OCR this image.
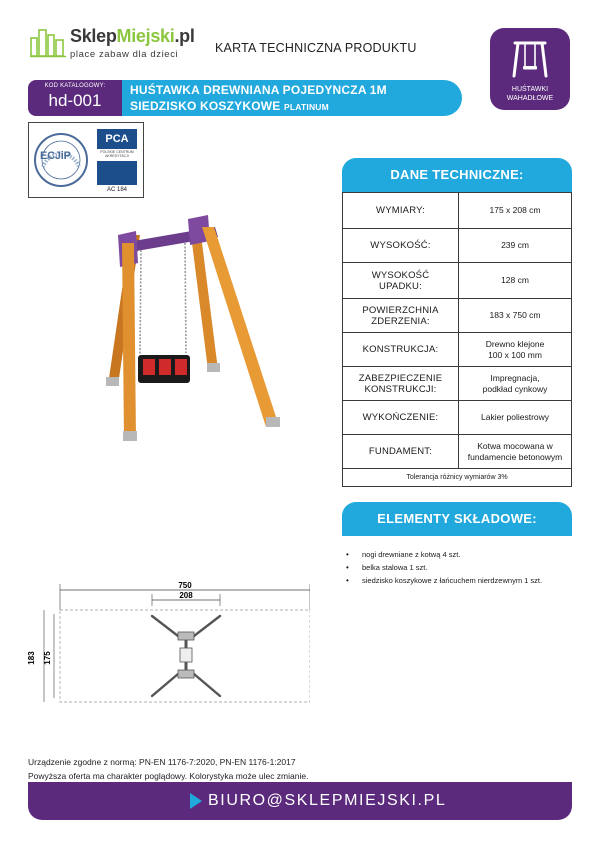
SklepMiejski.pl
place zabaw dla dzieci	KARTA TECHNICZNA PRODUKTU
HUŚTAWKI
WAHADŁOWE
KOD KATALOGOWY:
hd-001
HUŚTAWKA DREWNIANA POJEDYNCZA 1M
SIEDZISKO KOSZYKOWE PLATINUM
ECJiP
PCA
POLSKIE CENTRUM AKREDYTACJI
AC 184
DANE TECHNICZNE:
WYMIARY:	175 x 208 cm
WYSOKOŚĆ:	239 cm
WYSOKOŚĆ
UPADKU:	128 cm
POWIERZCHNIA
ZDERZENIA:	183 x 750 cm
KONSTRUKCJA:	Drewno klejone
100 x 100 mm
ZABEZPIECZENIE
KONSTRUKCJI:	Impregnacja,
podkład cynkowy
WYKOŃCZENIE:	Lakier poliestrowy
FUNDAMENT:	Kotwa mocowana w
fundamencie betonowym
Tolerancja różnicy wymiarów 3%	
ELEMENTY SKŁADOWE:
• nogi drewniane z kotwą 4 szt.
• belka stalowa 1 szt.
• siedzisko koszykowe z łańcuchem nierdzewnym 1 szt.
750
208
183 175
Urządzenie zgodne z normą: PN-EN 1176-7:2020, PN-EN 1176-1:2017
Powyższa oferta ma charakter poglądowy. Kolorystyka może ulec zmianie.
BIURO@SKLEPMIEJSKI.PL
